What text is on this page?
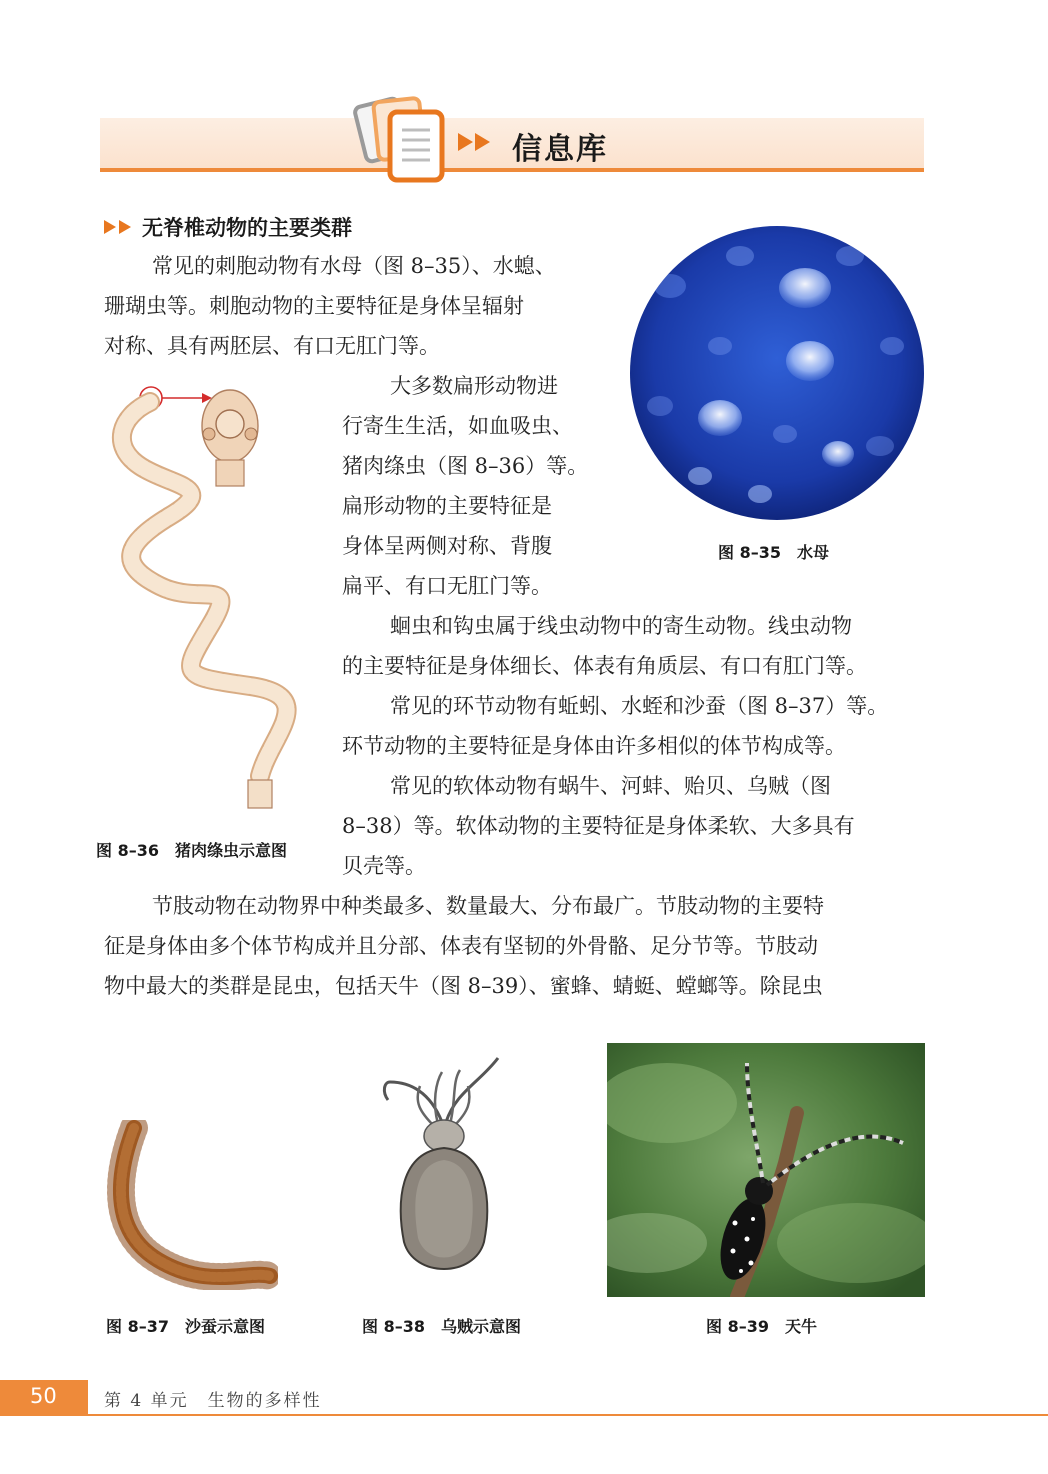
信息库
无脊椎动物的主要类群
常见的刺胞动物有水母（图 8–35）、水螅、
珊瑚虫等。刺胞动物的主要特征是身体呈辐射
对称、具有两胚层、有口无肛门等。
图 8–35　水母
图 8–36　猪肉绦虫示意图
大多数扁形动物进
行寄生生活，如血吸虫、
猪肉绦虫（图 8–36）等。
扁形动物的主要特征是
身体呈两侧对称、背腹
扁平、有口无肛门等。
蛔虫和钩虫属于线虫动物中的寄生动物。线虫动物
的主要特征是身体细长、体表有角质层、有口有肛门等。
常见的环节动物有蚯蚓、水蛭和沙蚕（图 8–37）等。
环节动物的主要特征是身体由许多相似的体节构成等。
常见的软体动物有蜗牛、河蚌、贻贝、乌贼（图
8–38）等。软体动物的主要特征是身体柔软、大多具有
贝壳等。
节肢动物在动物界中种类最多、数量最大、分布最广。节肢动物的主要特
征是身体由多个体节构成并且分部、体表有坚韧的外骨骼、足分节等。节肢动
物中最大的类群是昆虫，包括天牛（图 8–39）、蜜蜂、蜻蜓、螳螂等。除昆虫
图 8–37　沙蚕示意图	图 8–38　乌贼示意图	图 8–39　天牛
50	第 4 单元　生物的多样性
